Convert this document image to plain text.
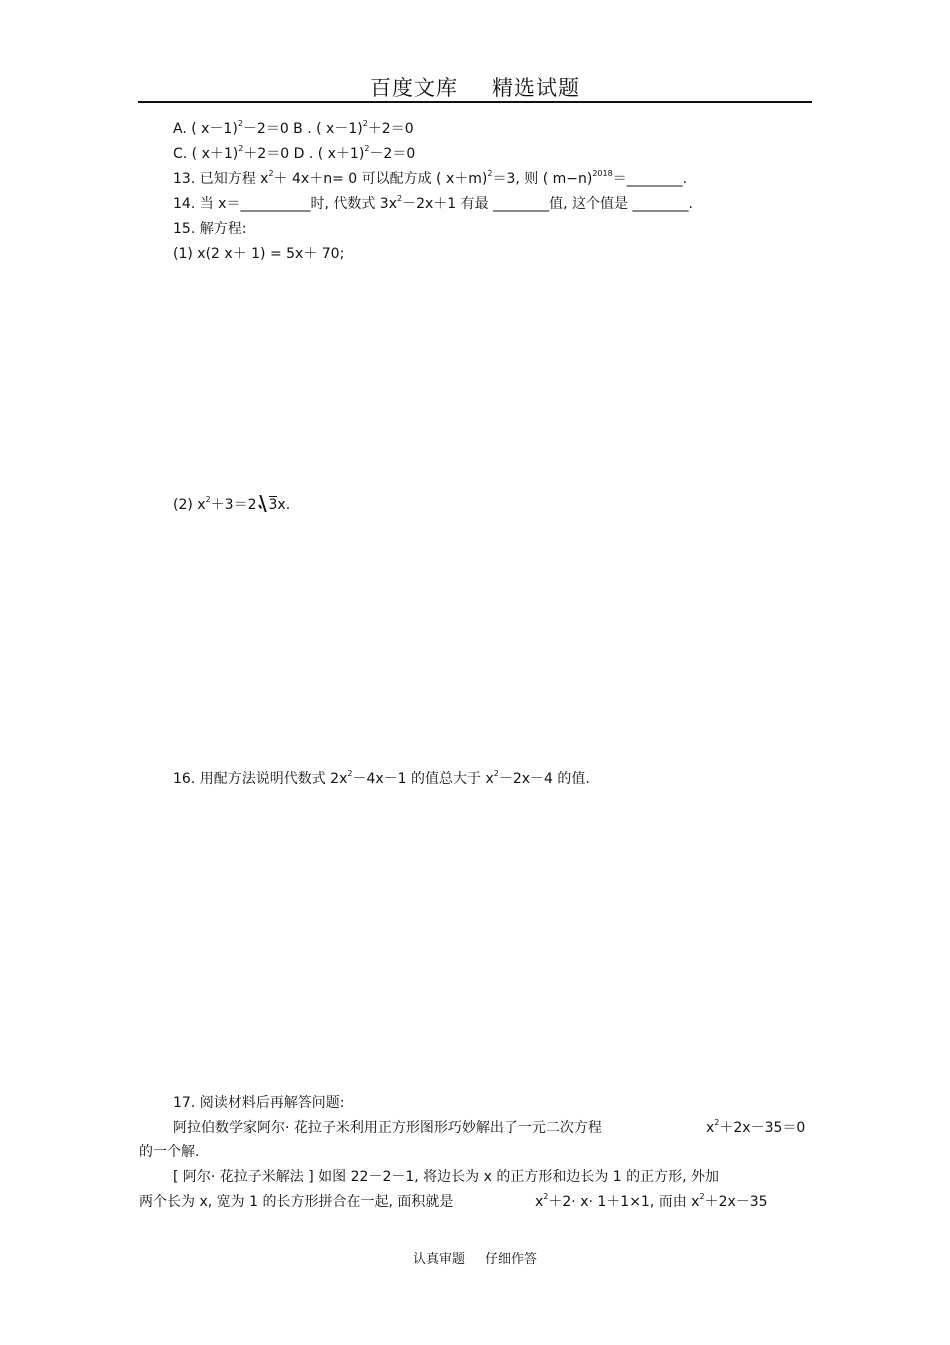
百度文库 精选试题
A. ( x－1)$^2$－2＝0 B . ( x－1)$^2$＋2＝0
C. ( x＋1)$^2$＋2＝0 D . ( x＋1)$^2$－2＝0
13. 已知方程 $x^2+ 4x+n= 0$ 可以配方成 ( x＋m)$^2$＝3, 则 ( m−n)$^{2018}$＝________.
14. 当 x＝__________时, 代数式 $3x^2-2x+1$ 有最 ________值, 这个值是 ________.
15. 解方程:
(1) x(2 x＋ 1) = 5x＋ 70;
(2) $x^2+3=2$ 3x.
16. 用配方法说明代数式 $2x^2-4x-1$ 的值总大于 $x^2-2x-4$ 的值.
17. 阅读材料后再解答问题:
阿拉伯数学家阿尔· 花拉子米利用正方形图形巧妙解出了一元二次方程	$x^2+2x-35=0$
的一个解.
[ 阿尔· 花拉子米解法 ] 如图 22－2－1, 将边长为 x 的正方形和边长为 1 的正方形, 外加
两个长为 x, 宽为 1 的长方形拼合在一起, 面积就是	$x^2+2\cdot x\cdot 1+1\times 1$, 而由 $x^2+2x-35$
认真审题 仔细作答
